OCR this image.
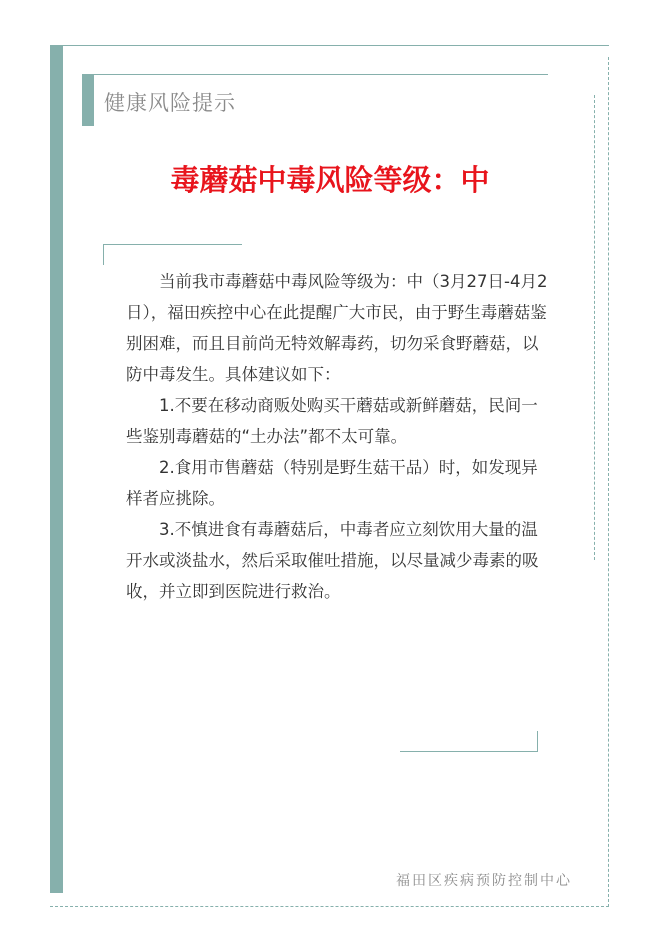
健康风险提示
毒蘑菇中毒风险等级：中

当前我市毒蘑菇中毒风险等级为：中（3月27日-4月2日），福田疾控中心在此提醒广大市民，由于野生毒蘑菇鉴别困难，而且目前尚无特效解毒药，切勿采食野蘑菇，以防中毒发生。具体建议如下：

1.不要在移动商贩处购买干蘑菇或新鲜蘑菇，民间一些鉴别毒蘑菇的“土办法”都不太可靠。

2.食用市售蘑菇（特别是野生菇干品）时，如发现异样者应挑除。

3.不慎进食有毒蘑菇后，中毒者应立刻饮用大量的温开水或淡盐水，然后采取催吐措施，以尽量减少毒素的吸收，并立即到医院进行救治。

福田区疾病预防控制中心
